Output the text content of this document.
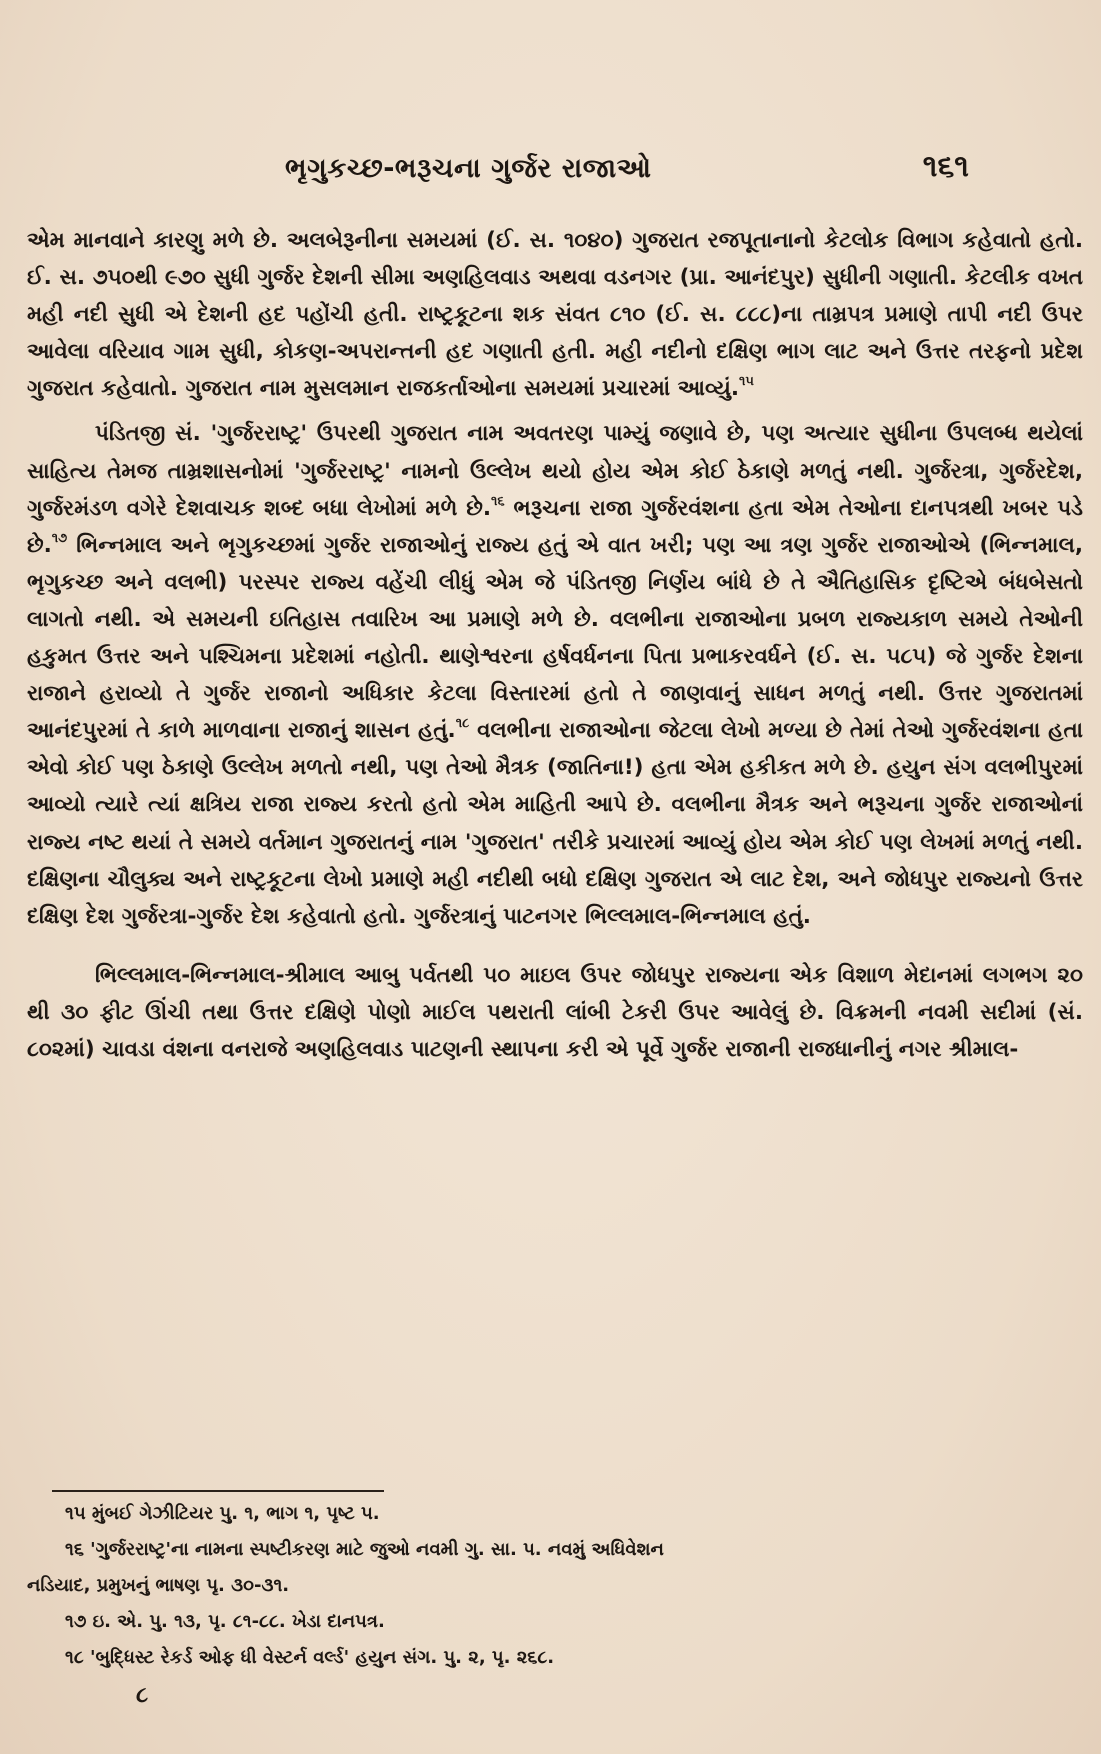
ભૃગુકચ્છ-ભરૂચના ગુર્જર રાજાઓ	૧૬૧

એમ માનવાને કારણુ મળે છે. અલબેરૂનીના સમયમાં (ઈ. સ. ૧૦૪૦) ગુજરાત રજપૂતાનાનો કેટલોક વિભાગ કહેવાતો હતો. ઈ. સ. ૭૫૦થી ૯૭૦ સુધી ગુર્જર દેશની સીમા અણહિલવાડ અથવા વડનગર (પ્રા. આનંદપુર) સુધીની ગણાતી. કેટલીક વખત મહી નદી સુધી એ દેશની હદ પહોંચી હતી. રાષ્ટ્રકૂટના શક સંવત ૮૧૦ (ઈ. સ. ૮૮૮)ના તામ્રપત્ર પ્રમાણે તાપી નદી ઉપર આવેલા વરિયાવ ગામ સુધી, કોકણ-અપરાન્તની હદ ગણાતી હતી. મહી નદીનો દક્ષિણ ભાગ લાટ અને ઉત્તર તરફનો પ્રદેશ ગુજરાત કહેવાતો. ગુજરાત નામ મુસલમાન રાજકર્તાઓના સમયમાં પ્રચારમાં આવ્યું.$^{૧૫}$

પંડિતજી સં. 'ગુર્જરરાષ્ટ્ર' ઉપરથી ગુજરાત નામ અવતરણ પામ્યું જણાવે છે, પણ અત્યાર સુધીના ઉપલબ્ધ થયેલાં સાહિત્ય તેમજ તામ્રશાસનોમાં 'ગુર્જરરાષ્ટ્ર' નામનો ઉલ્લેખ થયો હોય એમ કોઈ ઠેકાણે મળતું નથી. ગુર્જરત્રા, ગુર્જરદેશ, ગુર્જરમંડળ વગેરે દેશવાચક શબ્દ બધા લેખોમાં મળે છે.$^{૧૬}$ ભરૂચના રાજા ગુર્જરવંશના હતા એમ તેઓના દાનપત્રથી ખબર પડે છે.$^{૧૭}$ ભિન્નમાલ અને ભૃગુકચ્છમાં ગુર્જર રાજાઓનું રાજ્ય હતું એ વાત ખરી; પણ આ ત્રણ ગુર્જર રાજાઓએ (ભિન્નમાલ, ભૃગુકચ્છ અને વલભી) પરસ્પર રાજ્ય વહેંચી લીધું એમ જે પંડિતજી નિર્ણય બાંધે છે તે ઐતિહાસિક દૃષ્ટિએ બંધબેસતો લાગતો નથી. એ સમયની ઇતિહાસ તવારિખ આ પ્રમાણે મળે છે. વલભીના રાજાઓના પ્રબળ રાજ્યકાળ સમયે તેઓની હકુમત ઉત્તર અને પશ્ચિમના પ્રદેશમાં નહોતી. થાણેશ્વરના હર્ષવર્ધનના પિતા પ્રભાકરવર્ધને (ઈ. સ. ૫૮૫) જે ગુર્જર દેશના રાજાને હરાવ્યો તે ગુર્જર રાજાનો અધિકાર કેટલા વિસ્તારમાં હતો તે જાણવાનું સાધન મળતું નથી. ઉત્તર ગુજરાતમાં આનંદપુરમાં તે કાળે માળવાના રાજાનું શાસન હતું.$^{૧૮}$ વલભીના રાજાઓના જેટલા લેખો મળ્યા છે તેમાં તેઓ ગુર્જરવંશના હતા એવો કોઈ પણ ઠેકાણે ઉલ્લેખ મળતો નથી, પણ તેઓ મૈત્રક (જાતિના!) હતા એમ હકીકત મળે છે. હયુન સંગ વલભીપુરમાં આવ્યો ત્યારે ત્યાં ક્ષત્રિય રાજા રાજ્ય કરતો હતો એમ માહિતી આપે છે. વલભીના મૈત્રક અને ભરૂચના ગુર્જર રાજાઓનાં રાજ્ય નષ્ટ થયાં તે સમયે વર્તમાન ગુજરાતનું નામ 'ગુજરાત' તરીકે પ્રચારમાં આવ્યું હોય એમ કોઈ પણ લેખમાં મળતું નથી. દક્ષિણના ચૌલુક્ય અને રાષ્ટ્રકૂટના લેખો પ્રમાણે મહી નદીથી બધો દક્ષિણ ગુજરાત એ લાટ દેશ, અને જોધપુર રાજ્યનો ઉત્તર દક્ષિણ દેશ ગુર્જરત્રા-ગુર્જર દેશ કહેવાતો હતો. ગુર્જરત્રાનું પાટનગર ભિલ્લમાલ-ભિન્નમાલ હતું.

ભિલ્લમાલ-ભિન્નમાલ-શ્રીમાલ આબુ પર્વતથી ૫૦ માઇલ ઉપર જોધપુર રાજ્યના એક વિશાળ મેદાનમાં લગભગ ૨૦ થી ૩૦ ફીટ ઊંચી તથા ઉત્તર દક્ષિણે પોણો માઈલ પથરાતી લાંબી ટેકરી ઉપર આવેલું છે. વિક્રમની નવમી સદીમાં (સં. ૮૦૨માં) ચાવડા વંશના વનરાજે અણહિલવાડ પાટણની સ્થાપના કરી એ પૂર્વે ગુર્જર રાજાની રાજધાનીનું નગર શ્રીમાલ-

૧૫ મુંબઈ ગેઝીટિયર પુ. ૧, ભાગ ૧, પૃષ્ટ ૫.

૧૬ 'ગુર્જરરાષ્ટ્ર'ના નામના સ્પષ્ટીકરણ માટે જુઓ નવમી ગુ. સા. પ. નવમું અધિવેશન

નડિયાદ, પ્રમુખનું ભાષણ પૃ. ૩૦-૩૧.

૧૭ ઇ. એ. પુ. ૧૩, પૃ. ૮૧-૮૮. ખેડા દાનપત્ર.

૧૮ 'બુદ્ધિસ્ટ રેકર્ડ ઓફ ધી વેસ્ટર્ન વર્લ્ડ' હયુન સંગ. પુ. ૨, પૃ. ૨૬૮.

૮
